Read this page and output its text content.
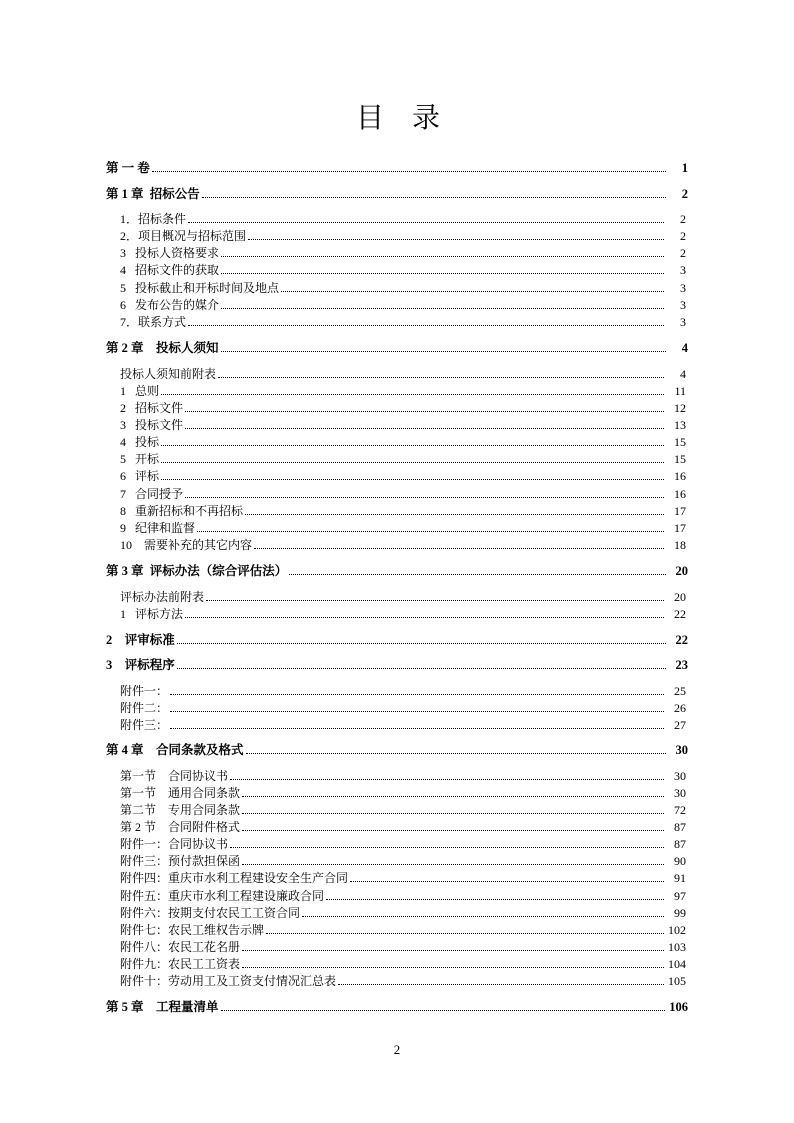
目 录
第 一 卷	1
第 1 章  招标公告	2
1．招标条件	2
2．项目概况与招标范围	2
3   投标人资格要求	2
4   招标文件的获取	3
5   投标截止和开标时间及地点	3
6   发布公告的媒介	3
7．联系方式	3
第 2 章    投标人须知	4
投标人须知前附表	4
1   总则	11
2   招标文件	12
3   投标文件	13
4   投标	15
5   开标	15
6   评标	16
7   合同授予	16
8   重新招标和不再招标	17
9   纪律和监督	17
10    需要补充的其它内容	18
第 3 章  评标办法（综合评估法）	20
评标办法前附表	20
1   评标方法	22
2    评审标准	22
3    评标程序	23
附件一：	25
附件二：	26
附件三：	27
第 4 章    合同条款及格式	30
第一节    合同协议书	30
第一节    通用合同条款	30
第二节    专用合同条款	72
第 2 节    合同附件格式	87
附件一：合同协议书	87
附件三：预付款担保函	90
附件四：重庆市水利工程建设安全生产合同	91
附件五：重庆市水利工程建设廉政合同	97
附件六：按期支付农民工工资合同	99
附件七：农民工维权告示牌	102
附件八：农民工花名册	103
附件九：农民工工资表	104
附件十：劳动用工及工资支付情况汇总表	105
第 5 章    工程量清单	106
2
